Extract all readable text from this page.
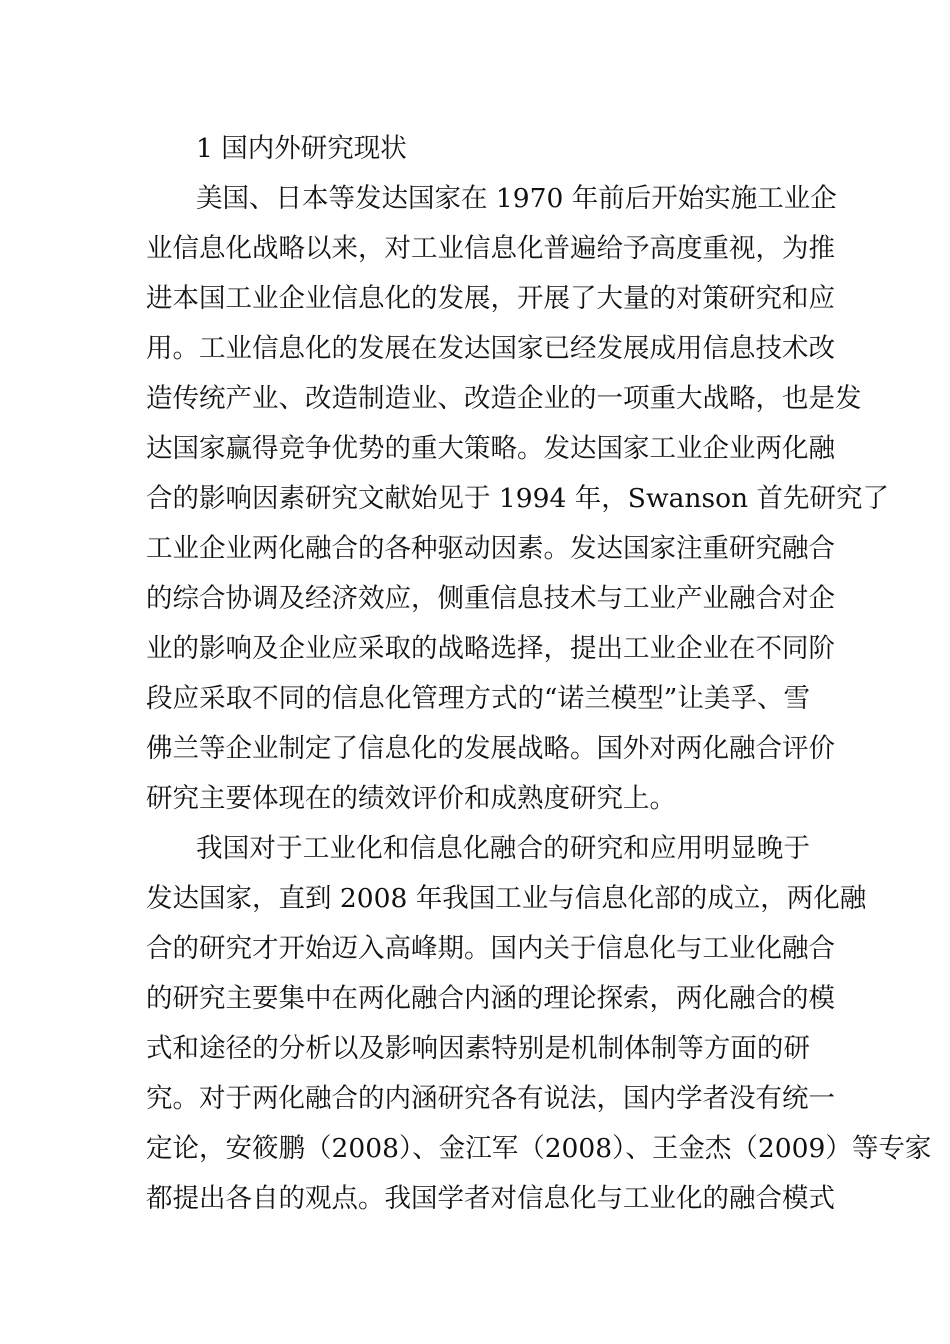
1 国内外研究现状
美国、日本等发达国家在 1970 年前后开始实施工业企
业信息化战略以来，对工业信息化普遍给予高度重视，为推
进本国工业企业信息化的发展，开展了大量的对策研究和应
用。工业信息化的发展在发达国家已经发展成用信息技术改
造传统产业、改造制造业、改造企业的一项重大战略，也是发
达国家赢得竞争优势的重大策略。发达国家工业企业两化融
合的影响因素研究文献始见于 1994 年，Swanson 首先研究了
工业企业两化融合的各种驱动因素。发达国家注重研究融合
的综合协调及经济效应，侧重信息技术与工业产业融合对企
业的影响及企业应采取的战略选择，提出工业企业在不同阶
段应采取不同的信息化管理方式的“诺兰模型”让美孚、雪
佛兰等企业制定了信息化的发展战略。国外对两化融合评价
研究主要体现在的绩效评价和成熟度研究上。
我国对于工业化和信息化融合的研究和应用明显晚于
发达国家，直到 2008 年我国工业与信息化部的成立，两化融
合的研究才开始迈入高峰期。国内关于信息化与工业化融合
的研究主要集中在两化融合内涵的理论探索，两化融合的模
式和途径的分析以及影响因素特别是机制体制等方面的研
究。对于两化融合的内涵研究各有说法，国内学者没有统一
定论，安筱鹏（2008）、金江军（2008）、王金杰（2009）等专家
都提出各自的观点。我国学者对信息化与工业化的融合模式
